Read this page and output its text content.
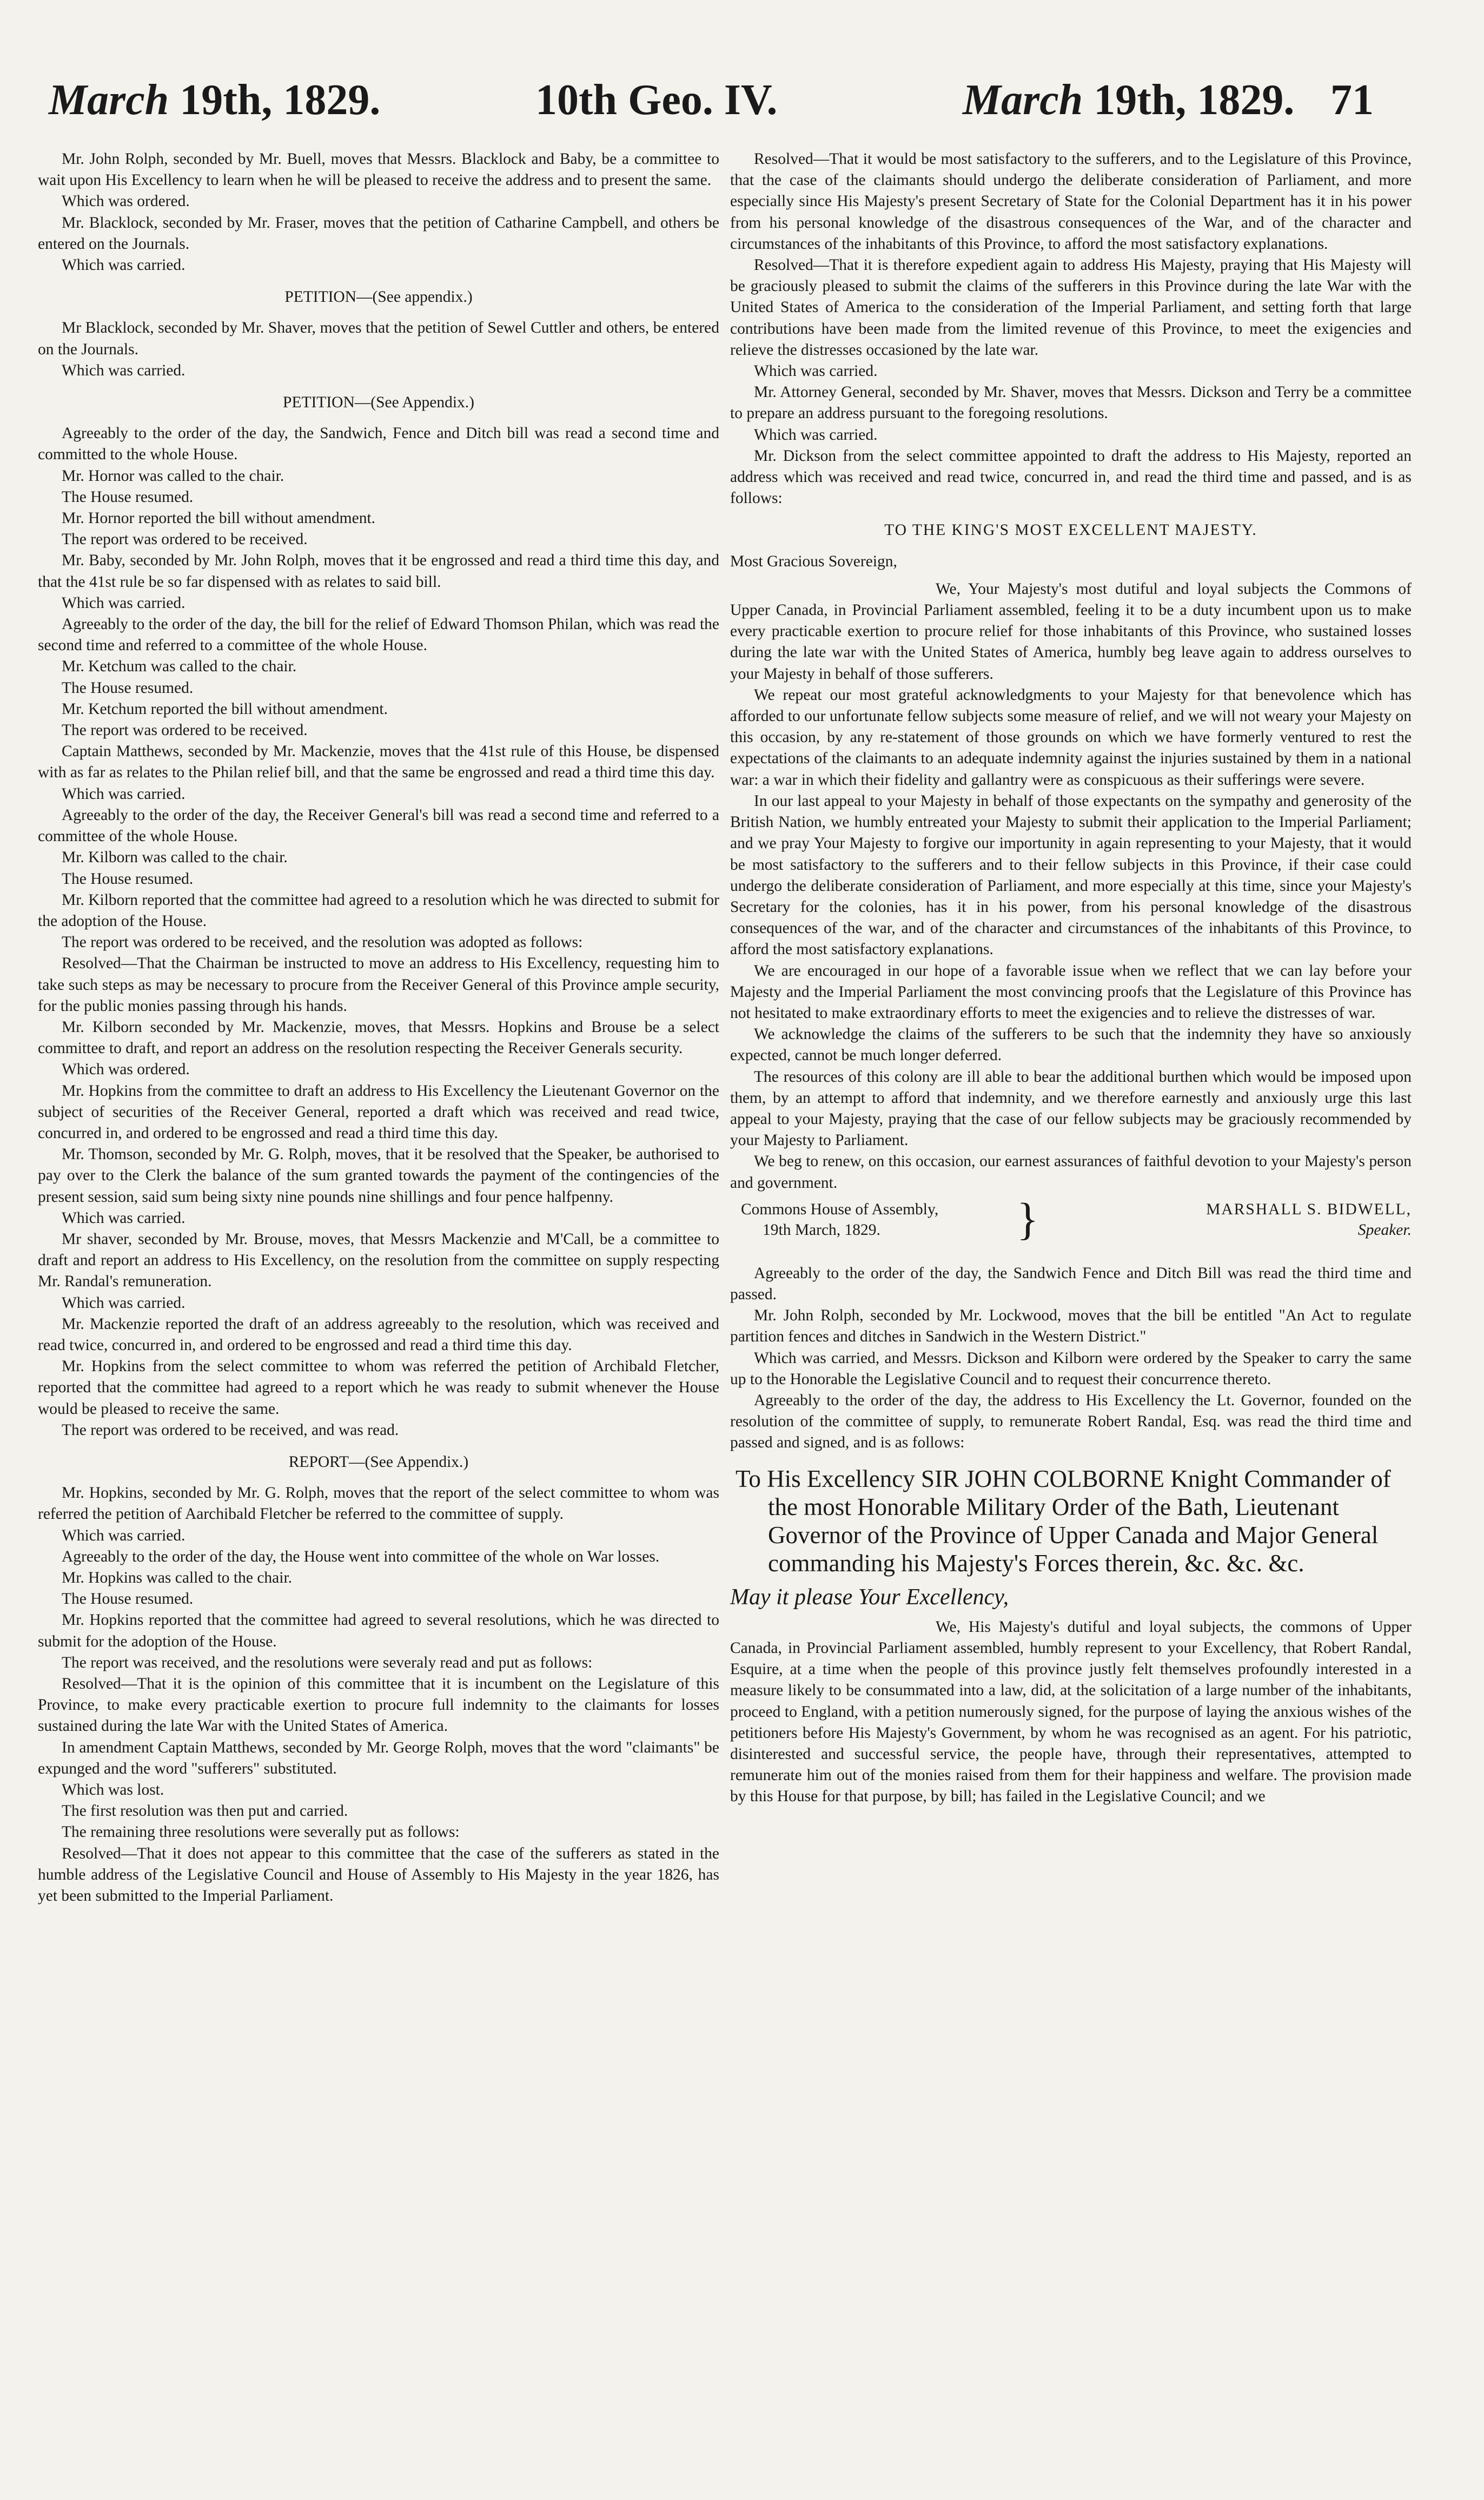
March 19th, 1829.	10th Geo. IV.	March 19th, 1829. 71

Mr. John Rolph, seconded by Mr. Buell, moves that Messrs. Blacklock and Baby, be a committee to wait upon His Excellency to learn when he will be pleased to receive the address and to present the same.

Which was ordered.

Mr. Blacklock, seconded by Mr. Fraser, moves that the petition of Catharine Campbell, and others be entered on the Journals.

Which was carried.

PETITION—(See appendix.)

Mr Blacklock, seconded by Mr. Shaver, moves that the petition of Sewel Cuttler and others, be entered on the Journals.

Which was carried.

PETITION—(See Appendix.)

Agreeably to the order of the day, the Sandwich, Fence and Ditch bill was read a second time and committed to the whole House.

Mr. Hornor was called to the chair.

The House resumed.

Mr. Hornor reported the bill without amendment.

The report was ordered to be received.

Mr. Baby, seconded by Mr. John Rolph, moves that it be engrossed and read a third time this day, and that the 41st rule be so far dispensed with as relates to said bill.

Which was carried.

Agreeably to the order of the day, the bill for the relief of Edward Thomson Philan, which was read the second time and referred to a committee of the whole House.

Mr. Ketchum was called to the chair.

The House resumed.

Mr. Ketchum reported the bill without amendment.

The report was ordered to be received.

Captain Matthews, seconded by Mr. Mackenzie, moves that the 41st rule of this House, be dispensed with as far as relates to the Philan relief bill, and that the same be engrossed and read a third time this day.

Which was carried.

Agreeably to the order of the day, the Receiver General's bill was read a second time and referred to a committee of the whole House.

Mr. Kilborn was called to the chair.

The House resumed.

Mr. Kilborn reported that the committee had agreed to a resolution which he was directed to submit for the adoption of the House.

The report was ordered to be received, and the resolution was adopted as follows:

Resolved—That the Chairman be instructed to move an address to His Excellency, requesting him to take such steps as may be necessary to procure from the Receiver General of this Province ample security, for the public monies passing through his hands.

Mr. Kilborn seconded by Mr. Mackenzie, moves, that Messrs. Hopkins and Brouse be a select committee to draft, and report an address on the resolution respecting the Receiver Generals security.

Which was ordered.

Mr. Hopkins from the committee to draft an address to His Excellency the Lieutenant Governor on the subject of securities of the Receiver General, reported a draft which was received and read twice, concurred in, and ordered to be engrossed and read a third time this day.

Mr. Thomson, seconded by Mr. G. Rolph, moves, that it be resolved that the Speaker, be authorised to pay over to the Clerk the balance of the sum granted towards the payment of the contingencies of the present session, said sum being sixty nine pounds nine shillings and four pence halfpenny.

Which was carried.

Mr shaver, seconded by Mr. Brouse, moves, that Messrs Mackenzie and M'Call, be a committee to draft and report an address to His Excellency, on the resolution from the committee on supply respecting Mr. Randal's remuneration.

Which was carried.

Mr. Mackenzie reported the draft of an address agreeably to the resolution, which was received and read twice, concurred in, and ordered to be engrossed and read a third time this day.

Mr. Hopkins from the select committee to whom was referred the petition of Archibald Fletcher, reported that the committee had agreed to a report which he was ready to submit whenever the House would be pleased to receive the same.

The report was ordered to be received, and was read.

REPORT—(See Appendix.)

Mr. Hopkins, seconded by Mr. G. Rolph, moves that the report of the select committee to whom was referred the petition of Aarchibald Fletcher be referred to the committee of supply.

Which was carried.

Agreeably to the order of the day, the House went into committee of the whole on War losses.

Mr. Hopkins was called to the chair.

The House resumed.

Mr. Hopkins reported that the committee had agreed to several resolutions, which he was directed to submit for the adoption of the House.

The report was received, and the resolutions were severaly read and put as follows:

Resolved—That it is the opinion of this committee that it is incumbent on the Legislature of this Province, to make every practicable exertion to procure full indemnity to the claimants for losses sustained during the late War with the United States of America.

In amendment Captain Matthews, seconded by Mr. George Rolph, moves that the word "claimants" be expunged and the word "sufferers" substituted.

Which was lost.

The first resolution was then put and carried.

The remaining three resolutions were severally put as follows:

Resolved—That it does not appear to this committee that the case of the sufferers as stated in the humble address of the Legislative Council and House of Assembly to His Majesty in the year 1826, has yet been submitted to the Imperial Parliament.

Resolved—That it would be most satisfactory to the sufferers, and to the Legislature of this Province, that the case of the claimants should undergo the deliberate consideration of Parliament, and more especially since His Majesty's present Secretary of State for the Colonial Department has it in his power from his personal knowledge of the disastrous consequences of the War, and of the character and circumstances of the inhabitants of this Province, to afford the most satisfactory explanations.

Resolved—That it is therefore expedient again to address His Majesty, praying that His Majesty will be graciously pleased to submit the claims of the sufferers in this Province during the late War with the United States of America to the consideration of the Imperial Parliament, and setting forth that large contributions have been made from the limited revenue of this Province, to meet the exigencies and relieve the distresses occasioned by the late war.

Which was carried.

Mr. Attorney General, seconded by Mr. Shaver, moves that Messrs. Dickson and Terry be a committee to prepare an address pursuant to the foregoing resolutions.

Which was carried.

Mr. Dickson from the select committee appointed to draft the address to His Majesty, reported an address which was received and read twice, concurred in, and read the third time and passed, and is as follows:

TO THE KING'S MOST EXCELLENT MAJESTY.

Most Gracious Sovereign,

We, Your Majesty's most dutiful and loyal subjects the Commons of Upper Canada, in Provincial Parliament assembled, feeling it to be a duty incumbent upon us to make every practicable exertion to procure relief for those inhabitants of this Province, who sustained losses during the late war with the United States of America, humbly beg leave again to address ourselves to your Majesty in behalf of those sufferers.

We repeat our most grateful acknowledgments to your Majesty for that benevolence which has afforded to our unfortunate fellow subjects some measure of relief, and we will not weary your Majesty on this occasion, by any re-statement of those grounds on which we have formerly ventured to rest the expectations of the claimants to an adequate indemnity against the injuries sustained by them in a national war: a war in which their fidelity and gallantry were as conspicuous as their sufferings were severe.

In our last appeal to your Majesty in behalf of those expectants on the sympathy and generosity of the British Nation, we humbly entreated your Majesty to submit their application to the Imperial Parliament; and we pray Your Majesty to forgive our importunity in again representing to your Majesty, that it would be most satisfactory to the sufferers and to their fellow subjects in this Province, if their case could undergo the deliberate consideration of Parliament, and more especially at this time, since your Majesty's Secretary for the colonies, has it in his power, from his personal knowledge of the disastrous consequences of the war, and of the character and circumstances of the inhabitants of this Province, to afford the most satisfactory explanations.

We are encouraged in our hope of a favorable issue when we reflect that we can lay before your Majesty and the Imperial Parliament the most convincing proofs that the Legislature of this Province has not hesitated to make extraordinary efforts to meet the exigencies and to relieve the distresses of war.

We acknowledge the claims of the sufferers to be such that the indemnity they have so anxiously expected, cannot be much longer deferred.

The resources of this colony are ill able to bear the additional burthen which would be imposed upon them, by an attempt to afford that indemnity, and we therefore earnestly and anxiously urge this last appeal to your Majesty, praying that the case of our fellow subjects may be graciously recommended by your Majesty to Parliament.

We beg to renew, on this occasion, our earnest assurances of faithful devotion to your Majesty's person and government.

Commons House of Assembly,
19th March, 1829.	}	MARSHALL S. BIDWELL,
Speaker.

Agreeably to the order of the day, the Sandwich Fence and Ditch Bill was read the third time and passed.

Mr. John Rolph, seconded by Mr. Lockwood, moves that the bill be entitled "An Act to regulate partition fences and ditches in Sandwich in the Western District."

Which was carried, and Messrs. Dickson and Kilborn were ordered by the Speaker to carry the same up to the Honorable the Legislative Council and to request their concurrence thereto.

Agreeably to the order of the day, the address to His Excellency the Lt. Governor, founded on the resolution of the committee of supply, to remunerate Robert Randal, Esq. was read the third time and passed and signed, and is as follows:

To His Excellency SIR JOHN COLBORNE Knight Commander of the most Honorable Military Order of the Bath, Lieutenant Governor of the Province of Upper Canada and Major General commanding his Majesty's Forces therein, &c. &c. &c.

May it please Your Excellency,

We, His Majesty's dutiful and loyal subjects, the commons of Upper Canada, in Provincial Parliament assembled, humbly represent to your Excellency, that Robert Randal, Esquire, at a time when the people of this province justly felt themselves profoundly interested in a measure likely to be consummated into a law, did, at the solicitation of a large number of the inhabitants, proceed to England, with a petition numerously signed, for the purpose of laying the anxious wishes of the petitioners before His Majesty's Government, by whom he was recognised as an agent. For his patriotic, disinterested and successful service, the people have, through their representatives, attempted to remunerate him out of the monies raised from them for their happiness and welfare. The provision made by this House for that purpose, by bill; has failed in the Legislative Council; and we
